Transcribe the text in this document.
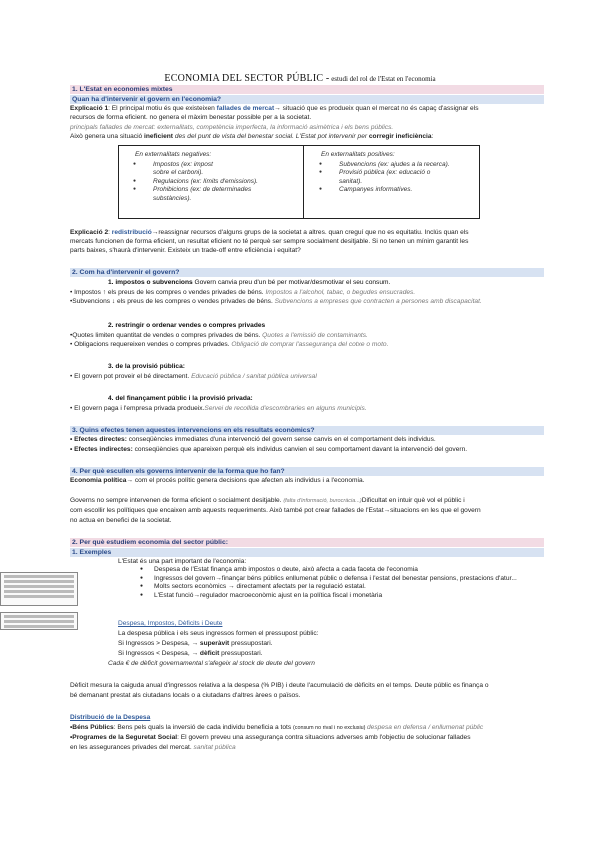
ECONOMIA DEL SECTOR PÚBLIC - estudi del rol de l'Estat en l'economia
1. L'Estat en economies mixtes
Quan ha d'intervenir el govern en l'economia?
Explicació 1: El principal motiu és que existeixen fallades de mercat→ situació que es produeix quan el mercat no és capaç d'assignar els
recursos de forma eficient. no genera el màxim benestar possible per a la societat.
principals fallades de mercat: externalitats, competència imperfecta, la informació asimètrica i els bens públics.
Això genera una situació ineficient des del punt de vista del benestar social. L'Estat pot intervenir per corregir ineficiència:
En externalitats negatives:
● Impostos (ex: impost sobre el carboni).
● Regulacions (ex: límits d'emissions).
● Prohibicions (ex: de determinades substàncies).
En externalitats positives:
● Subvencions (ex: ajudes a la recerca).
● Provisió pública (ex: educació o sanitat).
● Campanyes informatives.
Explicació 2: redistribució→reassignar recursos d'alguns grups de la societat a altres. quan creguí que no es equitatiu. Inclús quan els
mercats funcionen de forma eficient, un resultat eficient no té perquè ser sempre socialment desitjable. Si no tenen un mínim garantit les
parts baixes, s'haurà d'intervenir. Existeix un trade-off entre eficiència i equitat?
2. Com ha d'intervenir el govern?
1. impostos o subvencions Govern canvia preu d'un bé per motivar/desmotivar el seu consum.
• Impostos ↑ els preus de les compres o vendes privades de béns. Impostos a l'alcohol, tabac, o begudes ensucrades.
•Subvencions ↓ els preus de les compres o vendes privades de béns. Subvencions a empreses que contracten a persones amb discapacitat.
2. restringir o ordenar vendes o compres privades
•Quotes limiten quantitat de vendes o compres privades de béns. Quotes a l'emissió de contaminants.
• Obligacions requereixen vendes o compres privades. Obligació de comprar l'assegurança del cotxe o moto.
3. de la provisió pública:
• El govern pot proveir el bé directament. Educació pública / sanitat pública universal
4. del finançament públic i la provisió privada:
• El govern paga i l'empresa privada produeix.Servei de recollida d'escombraries en alguns municipis.
3. Quins efectes tenen aquestes intervencions en els resultats econòmics?
• Efectes directes: conseqüències immediates d'una intervenció del govern sense canvis en el comportament dels individus.
• Efectes indirectes: conseqüències que apareixen perquè els individus canvien el seu comportament davant la intervenció del govern.
4. Per què escullen els governs intervenir de la forma que ho fan?
Economia política→ com el procés polític genera decisions que afecten als individus i a l'economia.
Governs no sempre intervenen de forma eficient o socialment desitjable. (falta d'informació, burocràcia...)Dificultat en intuir què vol el públic i
com escollir les polítiques que encaixen amb aquests requeriments. Això també pot crear fallades de l'Estat→situacions en les que el govern
no actua en benefici de la societat.
2. Per què estudiem economia del sector públic:
1. Exemples
L'Estat és una part important de l'economia:
● Despesa de l'Estat finança amb impostos o deute, això afecta a cada faceta de l'economia
● Ingressos del govern→finançar béns públics enllumenat públic o defensa i l'estat del benestar pensions, prestacions d'atur...
● Molts sectors econòmics → directament afectats per la regulació estatal.
● L'Estat funció→regulador macroeconòmic ajust en la política fiscal i monetària
Despesa, Impostos, Dèficits i Deute
La despesa pública i els seus ingressos formen el pressupost públic:
Si Ingressos > Despesa, → superàvit pressupostari.
Si Ingressos < Despesa, → dèficit pressupostari.
Cada € de dèficit governamental s'afegeix al stock de deute del govern
Dèficit mesura la caiguda anual d'ingressos relativa a la despesa (% PIB) i deute l'acumulació de dèficits en el temps. Deute públic es finança o
bé demanant prestat als ciutadans locals o a ciutadans d'altres àrees o països.
Distribució de la Despesa
•Béns Públics: Bens pels quals la inversió de cada individu beneficia a tots (consum no rival i no exclusiu) despesa en defensa / enllumenat públic
•Programes de la Seguretat Social: El govern preveu una assegurança contra situacions adverses amb l'objectiu de solucionar fallades
en les assegurances privades del mercat. sanitat pública
